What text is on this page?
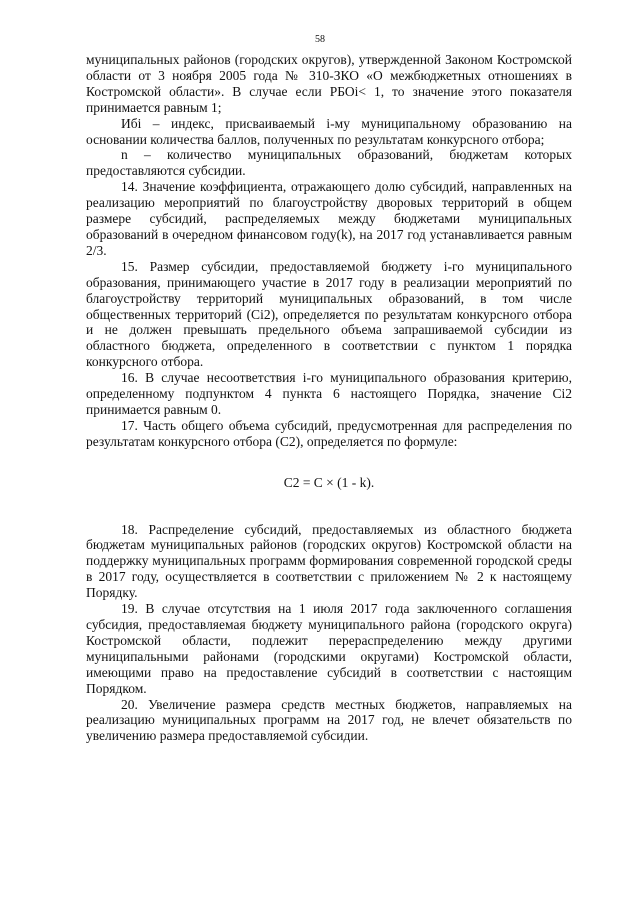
58

муниципальных районов (городских округов), утвержденной Законом Костромской области от 3 ноября 2005 года № 310-ЗКО «О межбюджетных отношениях в Костромской области». В случае если РБОі< 1, то значение этого показателя принимается равным 1;

Ибі – индекс, присваиваемый і-му муниципальному образованию на основании количества баллов, полученных по результатам конкурсного отбора;

n – количество муниципальных образований, бюджетам которых предоставляются субсидии.

14. Значение коэффициента, отражающего долю субсидий, направленных на реализацию мероприятий по благоустройству дворовых территорий в общем размере субсидий, распределяемых между бюджетами муниципальных образований в очередном финансовом году(k), на 2017 год устанавливается равным 2/3.

15. Размер субсидии, предоставляемой бюджету і-го муниципального образования, принимающего участие в 2017 году в реализации мероприятий по благоустройству территорий муниципальных образований, в том числе общественных территорий (Сі2), определяется по результатам конкурсного отбора и не должен превышать предельного объема запрашиваемой субсидии из областного бюджета, определенного в соответствии с пунктом 1 порядка конкурсного отбора.

16. В случае несоответствия і-го муниципального образования критерию, определенному подпунктом 4 пункта 6 настоящего Порядка, значение Сі2 принимается равным 0.

17. Часть общего объема субсидий, предусмотренная для распределения по результатам конкурсного отбора (С2), определяется по формуле:

С2 = С × (1 - k).

18. Распределение субсидий, предоставляемых из областного бюджета бюджетам муниципальных районов (городских округов) Костромской области на поддержку муниципальных программ формирования современной городской среды в 2017 году, осуществляется в соответствии с приложением № 2 к настоящему Порядку.

19. В случае отсутствия на 1 июля 2017 года заключенного соглашения субсидия, предоставляемая бюджету муниципального района (городского округа) Костромской области, подлежит перераспределению между другими муниципальными районами (городскими округами) Костромской области, имеющими право на предоставление субсидий в соответствии с настоящим Порядком.

20. Увеличение размера средств местных бюджетов, направляемых на реализацию муниципальных программ на 2017 год, не влечет обязательств по увеличению размера предоставляемой субсидии.
